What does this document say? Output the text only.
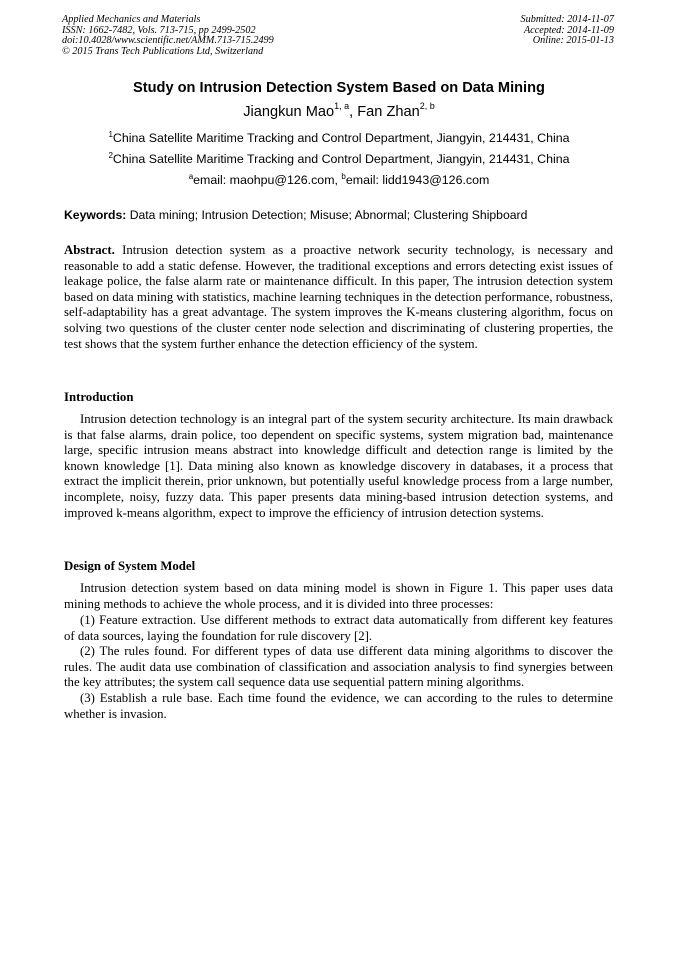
Applied Mechanics and Materials
ISSN: 1662-7482, Vols. 713-715, pp 2499-2502
doi:10.4028/www.scientific.net/AMM.713-715.2499
© 2015 Trans Tech Publications Ltd, Switzerland
Submitted: 2014-11-07
Accepted: 2014-11-09
Online: 2015-01-13
Study on Intrusion Detection System Based on Data Mining
Jiangkun Mao$^{1, a}$, Fan Zhan$^{2, b}$
$^1$China Satellite Maritime Tracking and Control Department, Jiangyin, 214431, China
$^2$China Satellite Maritime Tracking and Control Department, Jiangyin, 214431, China
$^a$email: maohpu@126.com, $^b$email: lidd1943@126.com
Keywords: Data mining; Intrusion Detection; Misuse; Abnormal; Clustering Shipboard

Abstract. Intrusion detection system as a proactive network security technology, is necessary and reasonable to add a static defense. However, the traditional exceptions and errors detecting exist issues of leakage police, the false alarm rate or maintenance difficult. In this paper, The intrusion detection system based on data mining with statistics, machine learning techniques in the detection performance, robustness, self-adaptability has a great advantage. The system improves the K-means clustering algorithm, focus on solving two questions of the cluster center node selection and discriminating of clustering properties, the test shows that the system further enhance the detection efficiency of the system.

Introduction

Intrusion detection technology is an integral part of the system security architecture. Its main drawback is that false alarms, drain police, too dependent on specific systems, system migration bad, maintenance large, specific intrusion means abstract into knowledge difficult and detection range is limited by the known knowledge [1]. Data mining also known as knowledge discovery in databases, it a process that extract the implicit therein, prior unknown, but potentially useful knowledge process from a large number, incomplete, noisy, fuzzy data. This paper presents data mining-based intrusion detection systems, and improved k-means algorithm, expect to improve the efficiency of intrusion detection systems.

Design of System Model

Intrusion detection system based on data mining model is shown in Figure 1. This paper uses data mining methods to achieve the whole process, and it is divided into three processes:

(1) Feature extraction. Use different methods to extract data automatically from different key features of data sources, laying the foundation for rule discovery [2].

(2) The rules found. For different types of data use different data mining algorithms to discover the rules. The audit data use combination of classification and association analysis to find synergies between the key attributes; the system call sequence data use sequential pattern mining algorithms.

(3) Establish a rule base. Each time found the evidence, we can according to the rules to determine whether is invasion.
